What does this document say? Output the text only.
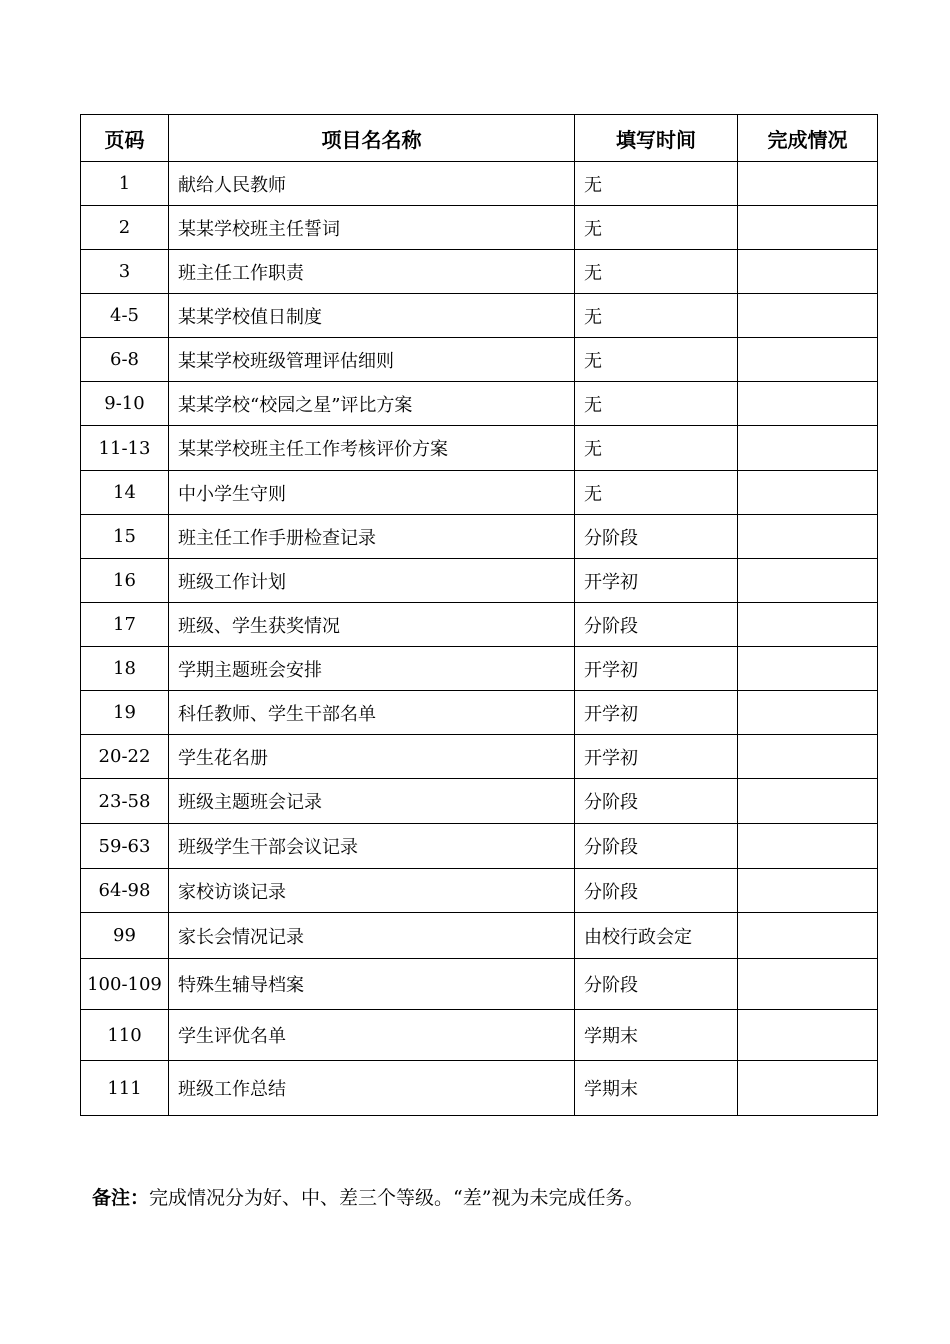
页码	项目名名称	填写时间	完成情况
1	献给人民教师	无	
2	某某学校班主任誓词	无	
3	班主任工作职责	无	
4-5	某某学校值日制度	无	
6-8	某某学校班级管理评估细则	无	
9-10	某某学校“校园之星”评比方案	无	
11-13	某某学校班主任工作考核评价方案	无	
14	中小学生守则	无	
15	班主任工作手册检查记录	分阶段	
16	班级工作计划	开学初	
17	班级、学生获奖情况	分阶段	
18	学期主题班会安排	开学初	
19	科任教师、学生干部名单	开学初	
20-22	学生花名册	开学初	
23-58	班级主题班会记录	分阶段	
59-63	班级学生干部会议记录	分阶段	
64-98	家校访谈记录	分阶段	
99	家长会情况记录	由校行政会定	
100-109	特殊生辅导档案	分阶段	
110	学生评优名单	学期末	
111	班级工作总结	学期末	
备注：完成情况分为好、中、差三个等级。“差”视为未完成任务。
